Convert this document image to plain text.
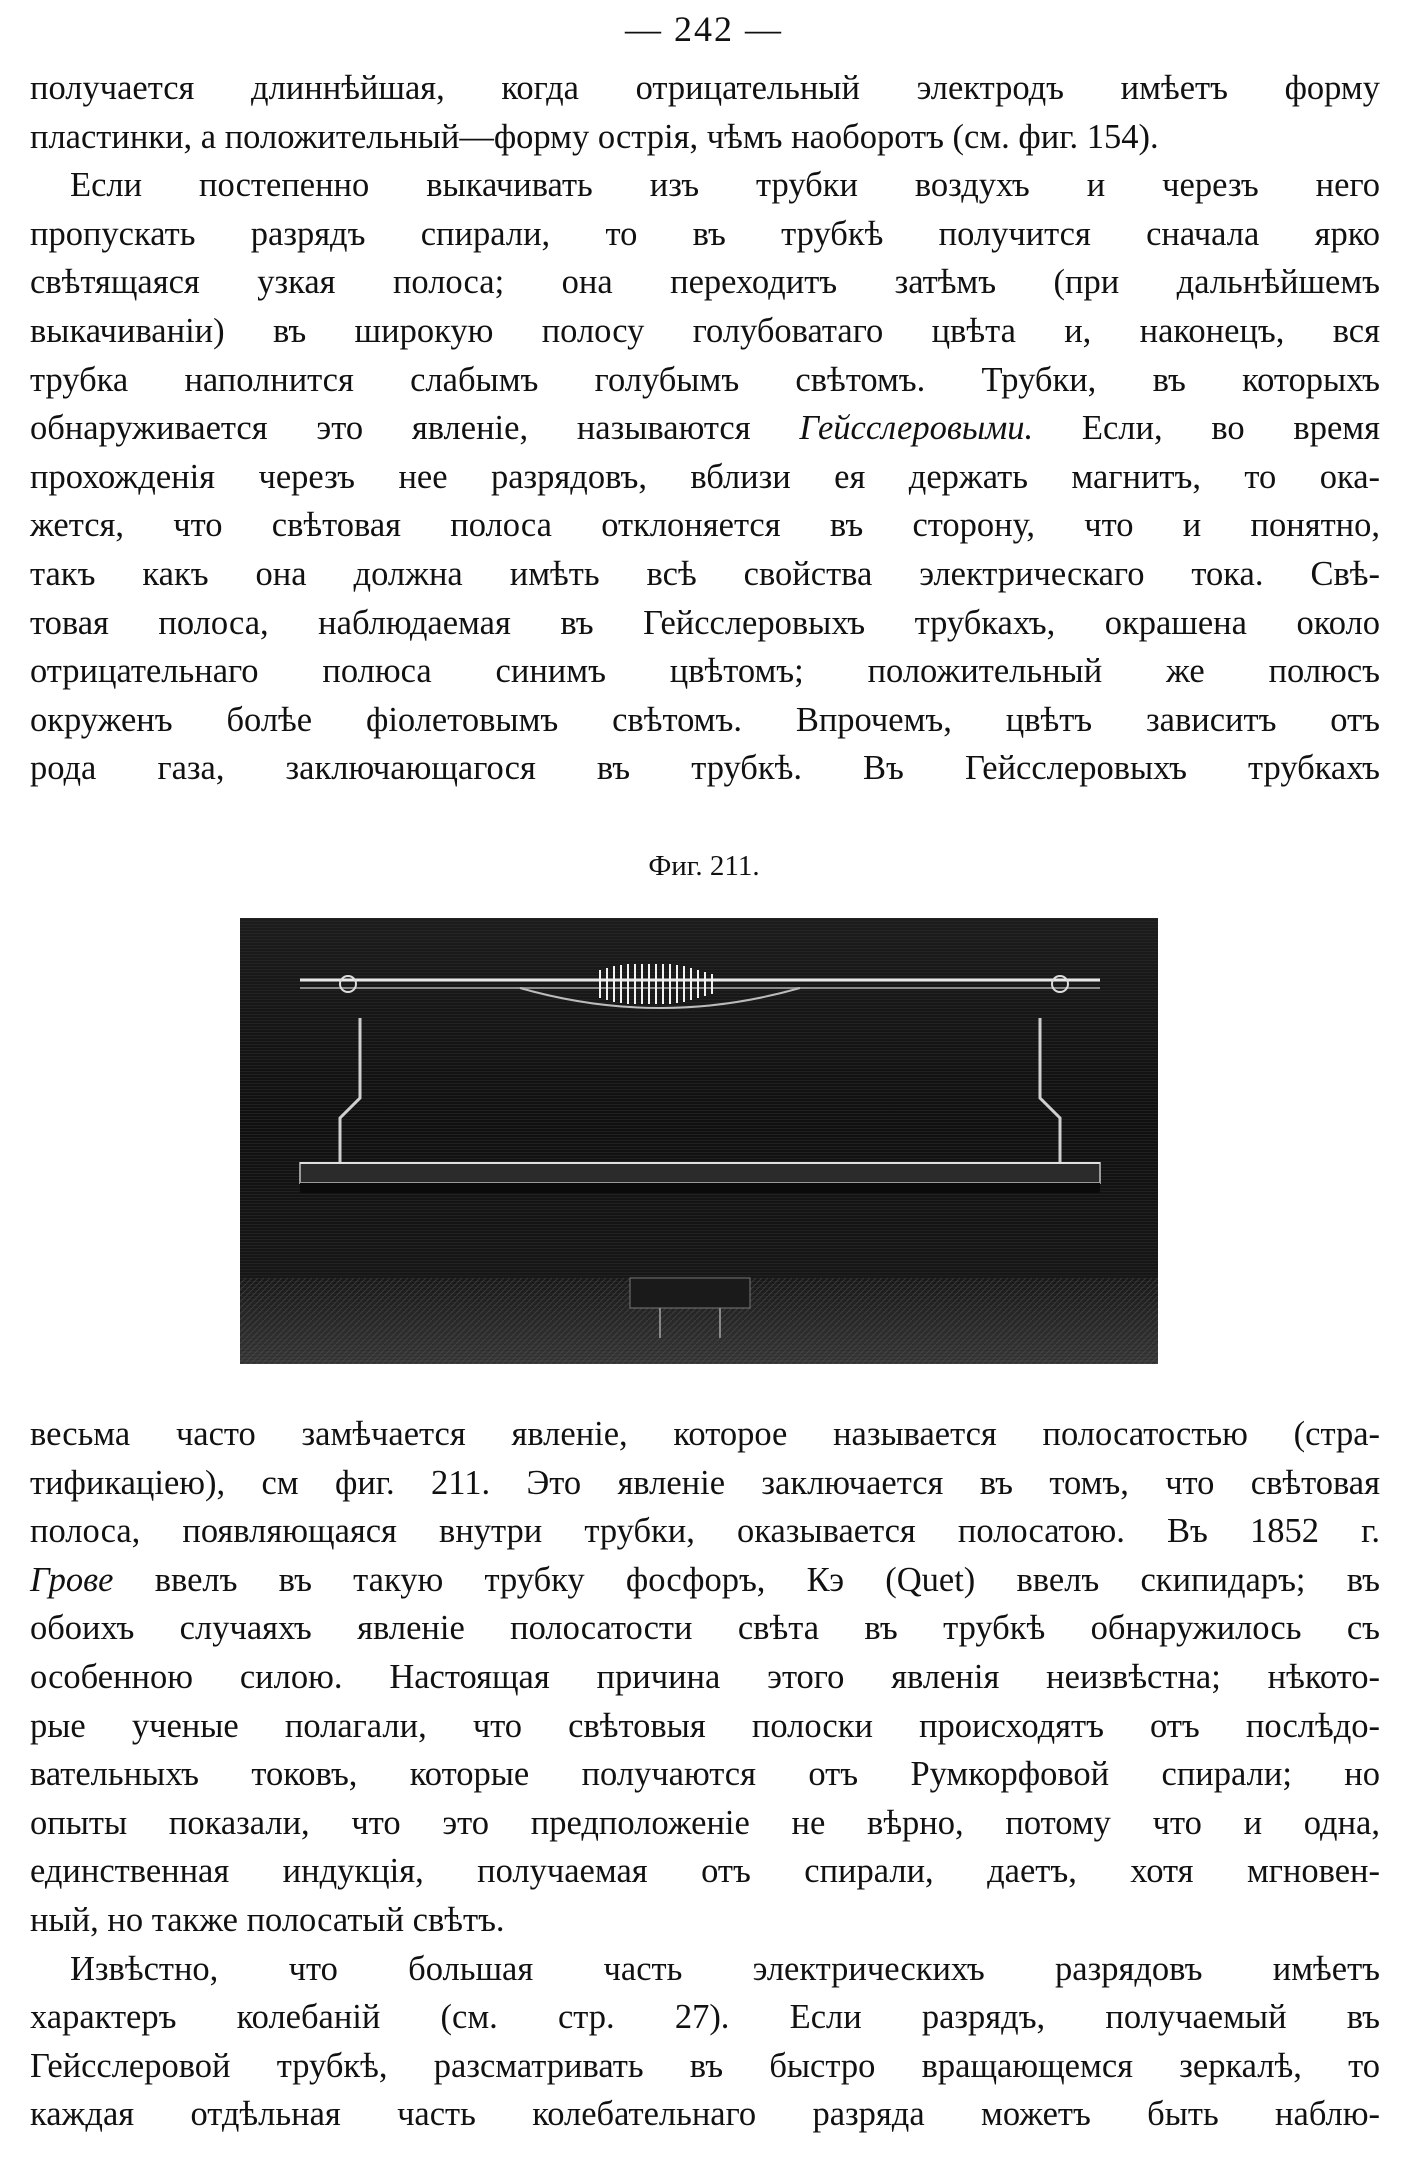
— 242 —
получается длиннѣйшая, когда отрицательный электродъ имѣетъ форму
пластинки, а положительный—форму острія, чѣмъ наоборотъ (см. фиг. 154).
Если постепенно выкачивать изъ трубки воздухъ и черезъ него
пропускать разрядъ спирали, то въ трубкѣ получится сначала ярко
свѣтящаяся узкая полоса; она переходитъ затѣмъ (при дальнѣйшемъ
выкачиваніи) въ широкую полосу голубоватаго цвѣта и, наконецъ, вся
трубка наполнится слабымъ голубымъ свѣтомъ. Трубки, въ которыхъ
обнаруживается это явленіе, называются Гейсслеровыми. Если, во время
прохожденія черезъ нее разрядовъ, вблизи ея держать магнитъ, то ока-
жется, что свѣтовая полоса отклоняется въ сторону, что и понятно,
такъ какъ она должна имѣть всѣ свойства электрическаго тока. Свѣ-
товая полоса, наблюдаемая въ Гейсслеровыхъ трубкахъ, окрашена около
отрицательнаго полюса синимъ цвѣтомъ; положительный же полюсъ
окруженъ болѣе фіолетовымъ свѣтомъ. Впрочемъ, цвѣтъ зависитъ отъ
рода газа, заключающагося въ трубкѣ. Въ Гейсслеровыхъ трубкахъ
Фиг. 211.
весьма часто замѣчается явленіе, которое называется полосатостью (стра-
тификаціею), см фиг. 211. Это явленіе заключается въ томъ, что свѣтовая
полоса, появляющаяся внутри трубки, оказывается полосатою. Въ 1852 г.
Грове ввелъ въ такую трубку фосфоръ, Кэ (Quet) ввелъ скипидаръ; въ
обоихъ случаяхъ явленіе полосатости свѣта въ трубкѣ обнаружилось съ
особенною силою. Настоящая причина этого явленія неизвѣстна; нѣкото-
рые ученые полагали, что свѣтовыя полоски происходятъ отъ послѣдо-
вательныхъ токовъ, которые получаются отъ Румкорфовой спирали; но
опыты показали, что это предположеніе не вѣрно, потому что и одна,
единственная индукція, получаемая отъ спирали, даетъ, хотя мгновен-
ный, но также полосатый свѣтъ.
Извѣстно, что большая часть электрическихъ разрядовъ имѣетъ
характеръ колебаній (см. стр. 27). Если разрядъ, получаемый въ
Гейсслеровой трубкѣ, разсматривать въ быстро вращающемся зеркалѣ, то
каждая отдѣльная часть колебательнаго разряда можетъ быть наблю-
